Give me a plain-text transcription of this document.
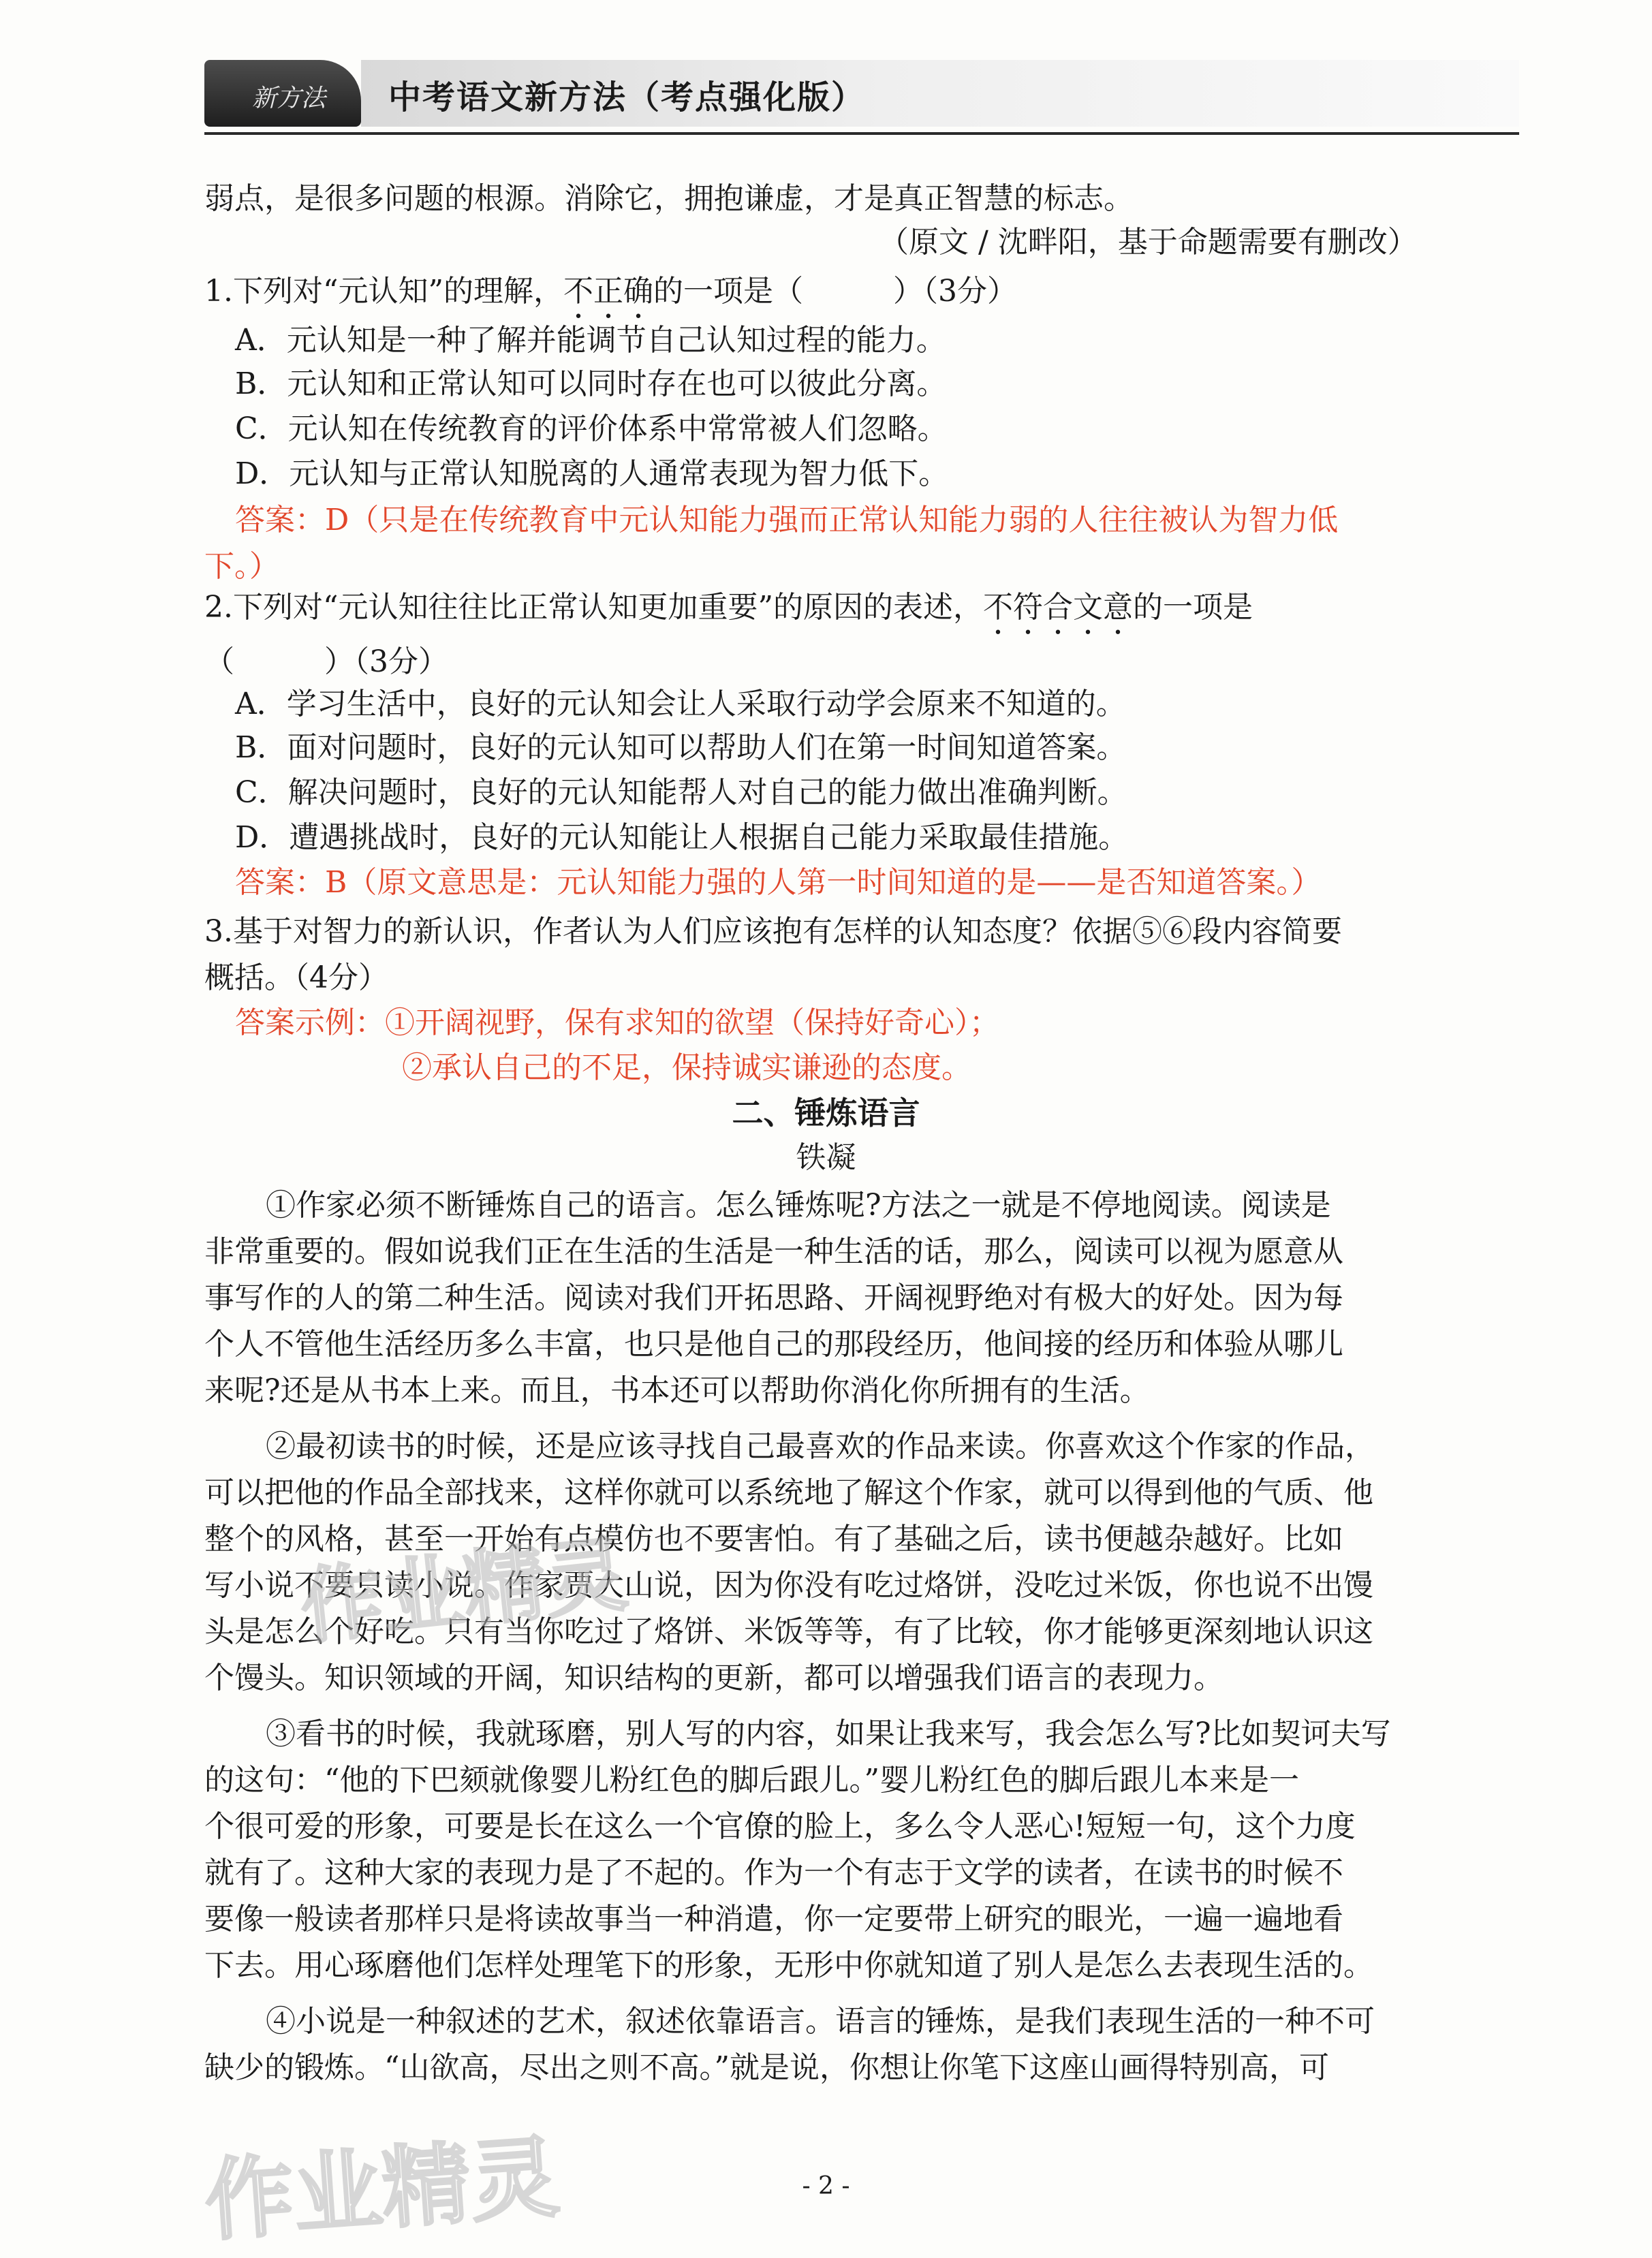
新方法 中考语文新方法（考点强化版）
弱点，是很多问题的根源。消除它，拥抱谦虚，才是真正智慧的标志。
（原文 / 沈畔阳，基于命题需要有删改）
1.下列对“元认知”的理解，不正确的一项是（　　　）（3分）
A．元认知是一种了解并能调节自己认知过程的能力。
B．元认知和正常认知可以同时存在也可以彼此分离。
C．元认知在传统教育的评价体系中常常被人们忽略。
D．元认知与正常认知脱离的人通常表现为智力低下。
答案：D（只是在传统教育中元认知能力强而正常认知能力弱的人往往被认为智力低
下。）
2.下列对“元认知往往比正常认知更加重要”的原因的表述，不符合文意的一项是
（　　　）（3分）
A．学习生活中，良好的元认知会让人采取行动学会原来不知道的。
B．面对问题时，良好的元认知可以帮助人们在第一时间知道答案。
C．解决问题时，良好的元认知能帮人对自己的能力做出准确判断。
D．遭遇挑战时，良好的元认知能让人根据自己能力采取最佳措施。
答案：B（原文意思是：元认知能力强的人第一时间知道的是——是否知道答案。）
3.基于对智力的新认识，作者认为人们应该抱有怎样的认知态度？依据⑤⑥段内容简要
概括。（4分）
答案示例：①开阔视野，保有求知的欲望（保持好奇心）；
②承认自己的不足，保持诚实谦逊的态度。
二、锤炼语言
铁凝
①作家必须不断锤炼自己的语言。怎么锤炼呢?方法之一就是不停地阅读。阅读是
非常重要的。假如说我们正在生活的生活是一种生活的话，那么，阅读可以视为愿意从
事写作的人的第二种生活。阅读对我们开拓思路、开阔视野绝对有极大的好处。因为每
个人不管他生活经历多么丰富，也只是他自己的那段经历，他间接的经历和体验从哪儿
来呢?还是从书本上来。而且，书本还可以帮助你消化你所拥有的生活。
②最初读书的时候，还是应该寻找自己最喜欢的作品来读。你喜欢这个作家的作品，
可以把他的作品全部找来，这样你就可以系统地了解这个作家，就可以得到他的气质、他
整个的风格，甚至一开始有点模仿也不要害怕。有了基础之后，读书便越杂越好。比如
写小说不要只读小说。作家贾大山说，因为你没有吃过烙饼，没吃过米饭，你也说不出馒
头是怎么个好吃。只有当你吃过了烙饼、米饭等等，有了比较，你才能够更深刻地认识这
个馒头。知识领域的开阔，知识结构的更新，都可以增强我们语言的表现力。
③看书的时候，我就琢磨，别人写的内容，如果让我来写，我会怎么写?比如契诃夫写
的这句：“他的下巴颏就像婴儿粉红色的脚后跟儿。”婴儿粉红色的脚后跟儿本来是一
个很可爱的形象，可要是长在这么一个官僚的脸上，多么令人恶心!短短一句，这个力度
就有了。这种大家的表现力是了不起的。作为一个有志于文学的读者，在读书的时候不
要像一般读者那样只是将读故事当一种消遣，你一定要带上研究的眼光，一遍一遍地看
下去。用心琢磨他们怎样处理笔下的形象，无形中你就知道了别人是怎么去表现生活的。
④小说是一种叙述的艺术，叙述依靠语言。语言的锤炼，是我们表现生活的一种不可
缺少的锻炼。“山欲高，尽出之则不高。”就是说，你想让你笔下这座山画得特别高，可
- 2 -
作业精灵
作业精灵
